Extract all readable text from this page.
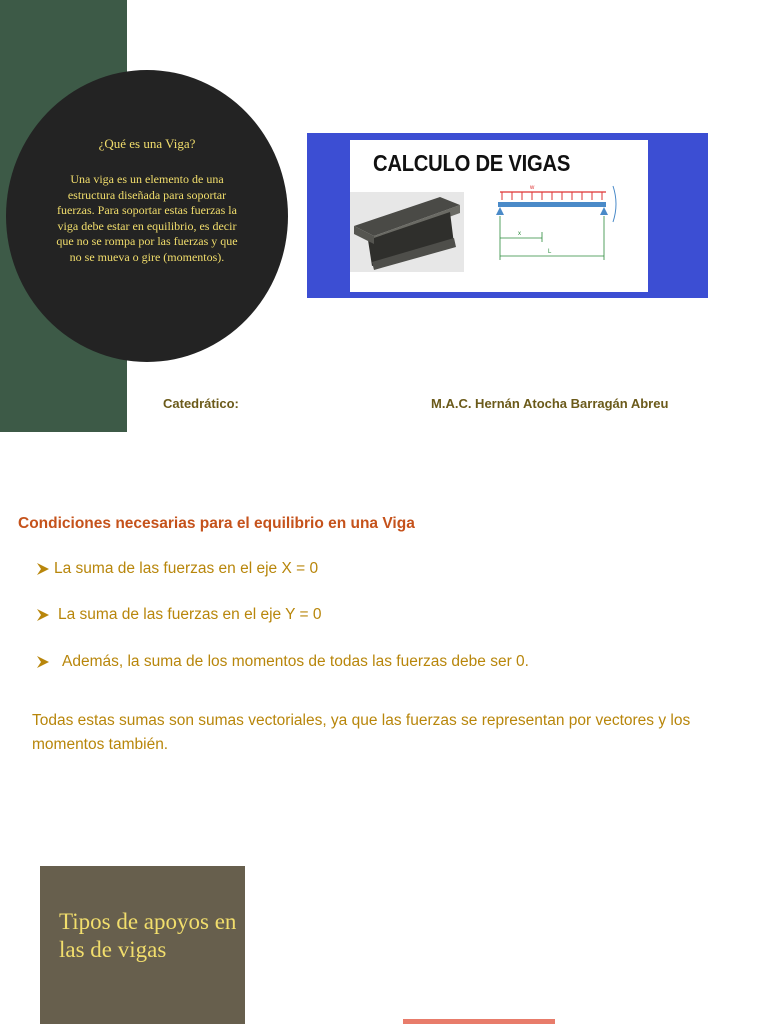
¿Qué es una Viga?
Una viga es un elemento de una estructura diseñada para soportar fuerzas. Para soportar estas fuerzas la viga debe estar en equilibrio, es decir que no se rompa por las fuerzas y que no se mueva o gire (momentos).
CALCULO DE VIGAS
w
x
L
Catedrático:	M.A.C. Hernán Atocha Barragán Abreu
Condiciones necesarias para el equilibrio en una Viga
La suma de las fuerzas en el eje X = 0
La suma de las fuerzas en el eje Y = 0
Además, la suma de los momentos de todas las fuerzas debe ser 0.
Todas estas sumas son sumas vectoriales, ya que las fuerzas se representan por vectores y los momentos también.
Tipos de apoyos en las de vigas
